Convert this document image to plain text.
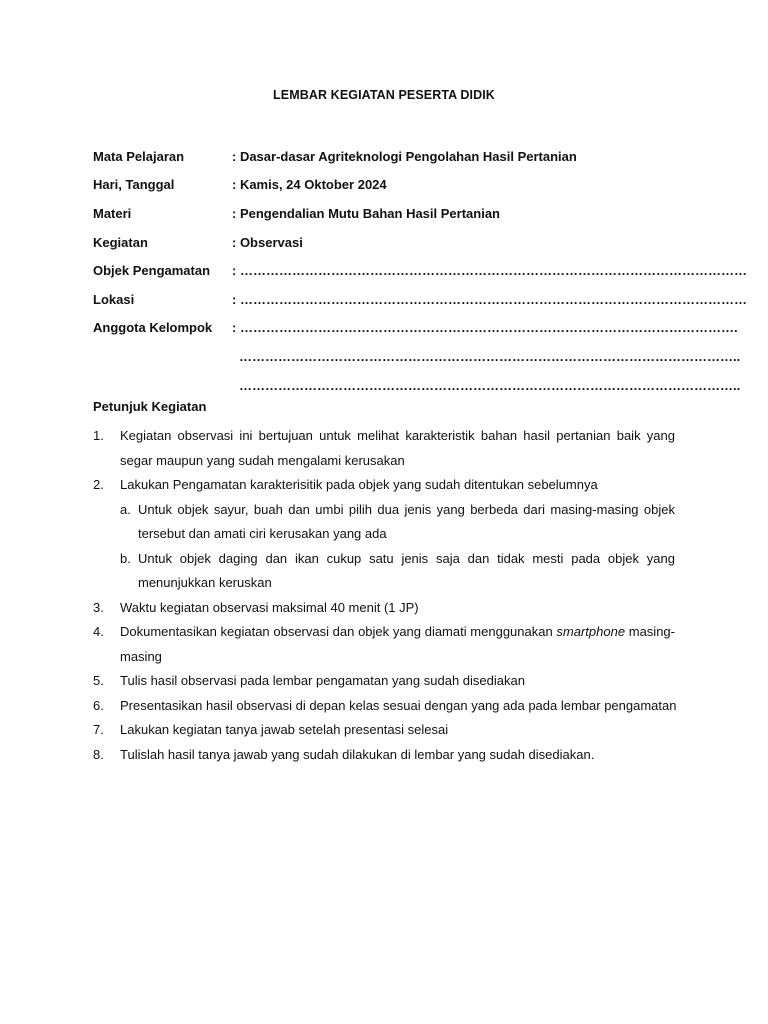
LEMBAR KEGIATAN PESERTA DIDIK
Mata Pelajaran	: Dasar-dasar Agriteknologi Pengolahan Hasil Pertanian
Hari, Tanggal	: Kamis, 24 Oktober 2024
Materi	: Pengendalian Mutu Bahan Hasil Pertanian
Kegiatan	: Observasi
Objek Pengamatan	: ………………………………………………………………………………………………………
Lokasi	: ………………………………………………………………………………………………………
Anggota Kelompok	: …………………………………………………………………………………………………….
……………………………………………………………………………………………………..
……………………………………………………………………………………………………..
Petunjuk Kegiatan
1.	Kegiatan observasi ini bertujuan untuk melihat karakteristik bahan hasil pertanian baik yang segar maupun yang sudah mengalami kerusakan
2.	Lakukan Pengamatan karakterisitik pada objek yang sudah ditentukan sebelumnya
a. Untuk objek sayur, buah dan umbi pilih dua jenis yang berbeda dari masing-masing objek tersebut dan amati ciri kerusakan yang ada
b. Untuk objek daging dan ikan cukup satu jenis saja dan tidak mesti pada objek yang menunjukkan keruskan
3.	Waktu kegiatan observasi maksimal 40 menit (1 JP)
4.	Dokumentasikan kegiatan observasi dan objek yang diamati menggunakan smartphone masing-masing
5.	Tulis hasil observasi pada lembar pengamatan yang sudah disediakan
6.	Presentasikan hasil observasi di depan kelas sesuai dengan yang ada pada lembar pengamatan
7.	Lakukan kegiatan tanya jawab setelah presentasi selesai
8.	Tulislah hasil tanya jawab yang sudah dilakukan di lembar yang sudah disediakan.
